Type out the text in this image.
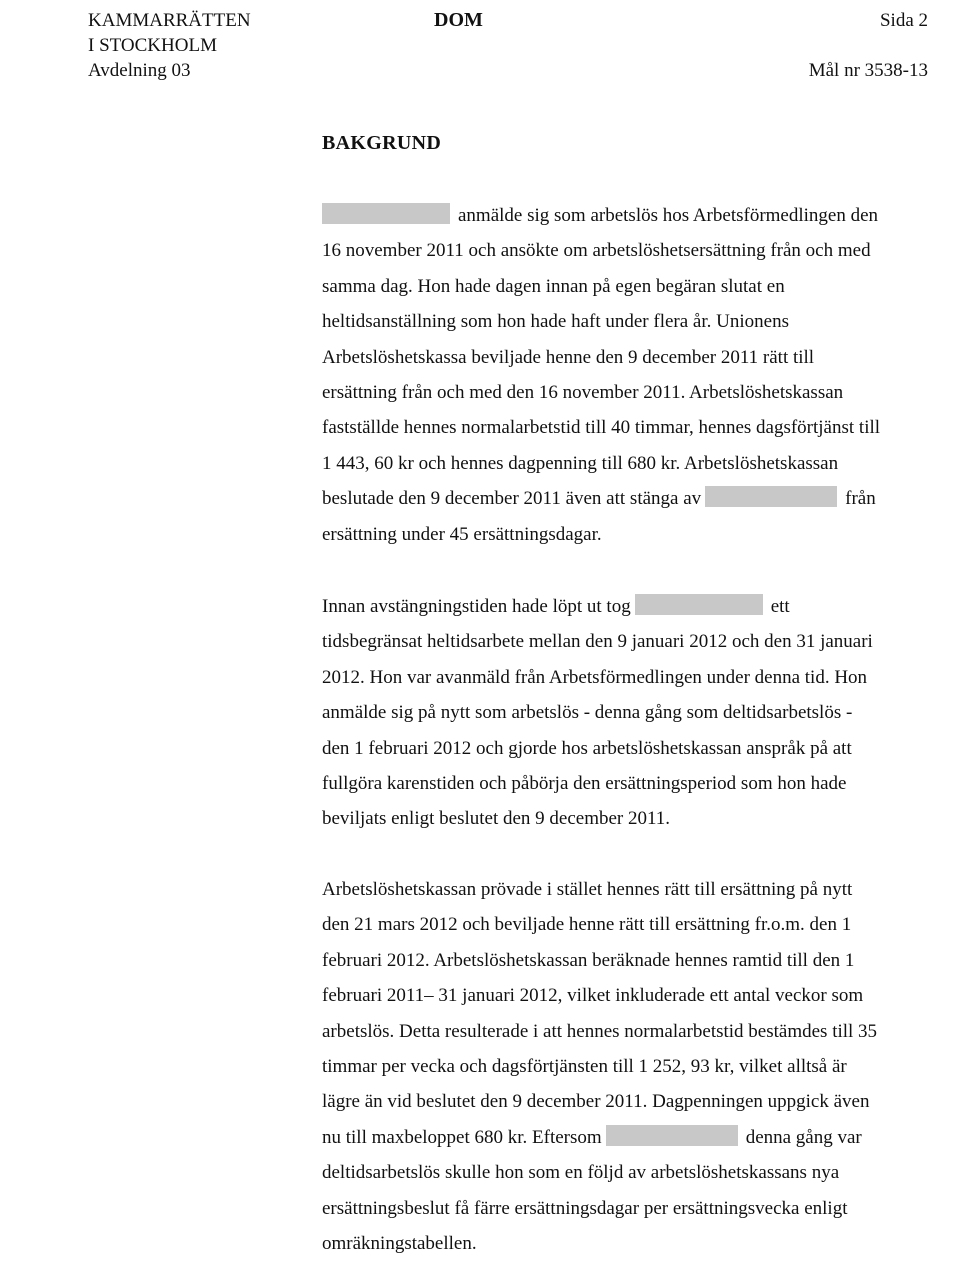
KAMMARRÄTTEN
I STOCKHOLM
Avdelning 03
DOM	Sida 2
Mål nr 3538-13
BAKGRUND
anmälde sig som arbetslös hos Arbetsförmedlingen den
16 november 2011 och ansökte om arbetslöshetsersättning från och med
samma dag. Hon hade dagen innan på egen begäran slutat en
heltidsanställning som hon hade haft under flera år. Unionens
Arbetslöshetskassa beviljade henne den 9 december 2011 rätt till
ersättning från och med den 16 november 2011. Arbetslöshetskassan
fastställde hennes normalarbetstid till 40 timmar, hennes dagsförtjänst till
1 443, 60 kr och hennes dagpenning till 680 kr. Arbetslöshetskassan
beslutade den 9 december 2011 även att stänga av	från
ersättning under 45 ersättningsdagar.
Innan avstängningstiden hade löpt ut tog	ett
tidsbegränsat heltidsarbete mellan den 9 januari 2012 och den 31 januari
2012. Hon var avanmäld från Arbetsförmedlingen under denna tid. Hon
anmälde sig på nytt som arbetslös - denna gång som deltidsarbetslös -
den 1 februari 2012 och gjorde hos arbetslöshetskassan anspråk på att
fullgöra karenstiden och påbörja den ersättningsperiod som hon hade
beviljats enligt beslutet den 9 december 2011.
Arbetslöshetskassan prövade i stället hennes rätt till ersättning på nytt
den 21 mars 2012 och beviljade henne rätt till ersättning fr.o.m. den 1
februari 2012. Arbetslöshetskassan beräknade hennes ramtid till den 1
februari 2011– 31 januari 2012, vilket inkluderade ett antal veckor som
arbetslös. Detta resulterade i att hennes normalarbetstid bestämdes till 35
timmar per vecka och dagsförtjänsten till 1 252, 93 kr, vilket alltså är
lägre än vid beslutet den 9 december 2011. Dagpenningen uppgick även
nu till maxbeloppet 680 kr. Eftersom	denna gång var
deltidsarbetslös skulle hon som en följd av arbetslöshetskassans nya
ersättningsbeslut få färre ersättningsdagar per ersättningsvecka enligt
omräkningstabellen.
